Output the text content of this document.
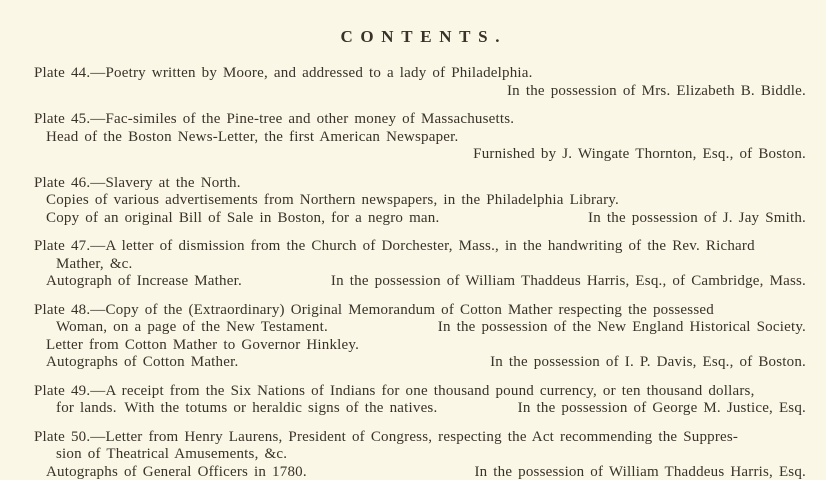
CONTENTS.
Plate 44.—Poetry written by Moore, and addressed to a lady of Philadelphia.
In the possession of Mrs. Elizabeth B. Biddle.
Plate 45.—Fac-similes of the Pine-tree and other money of Massachusetts.
Head of the Boston News-Letter, the first American Newspaper.
Furnished by J. Wingate Thornton, Esq., of Boston.
Plate 46.—Slavery at the North.
Copies of various advertisements from Northern newspapers, in the Philadelphia Library.
Copy of an original Bill of Sale in Boston, for a negro man.	In the possession of J. Jay Smith.
Plate 47.—A letter of dismission from the Church of Dorchester, Mass., in the handwriting of the Rev. Richard
Mather, &c.
Autograph of Increase Mather.	In the possession of William Thaddeus Harris, Esq., of Cambridge, Mass.
Plate 48.—Copy of the (Extraordinary) Original Memorandum of Cotton Mather respecting the possessed
Woman, on a page of the New Testament.	In the possession of the New England Historical Society.
Letter from Cotton Mather to Governor Hinkley.
Autographs of Cotton Mather.	In the possession of I. P. Davis, Esq., of Boston.
Plate 49.—A receipt from the Six Nations of Indians for one thousand pound currency, or ten thousand dollars,
for lands. With the totums or heraldic signs of the natives.	In the possession of George M. Justice, Esq.
Plate 50.—Letter from Henry Laurens, President of Congress, respecting the Act recommending the Suppres-
sion of Theatrical Amusements, &c.
Autographs of General Officers in 1780.	In the possession of William Thaddeus Harris, Esq.
